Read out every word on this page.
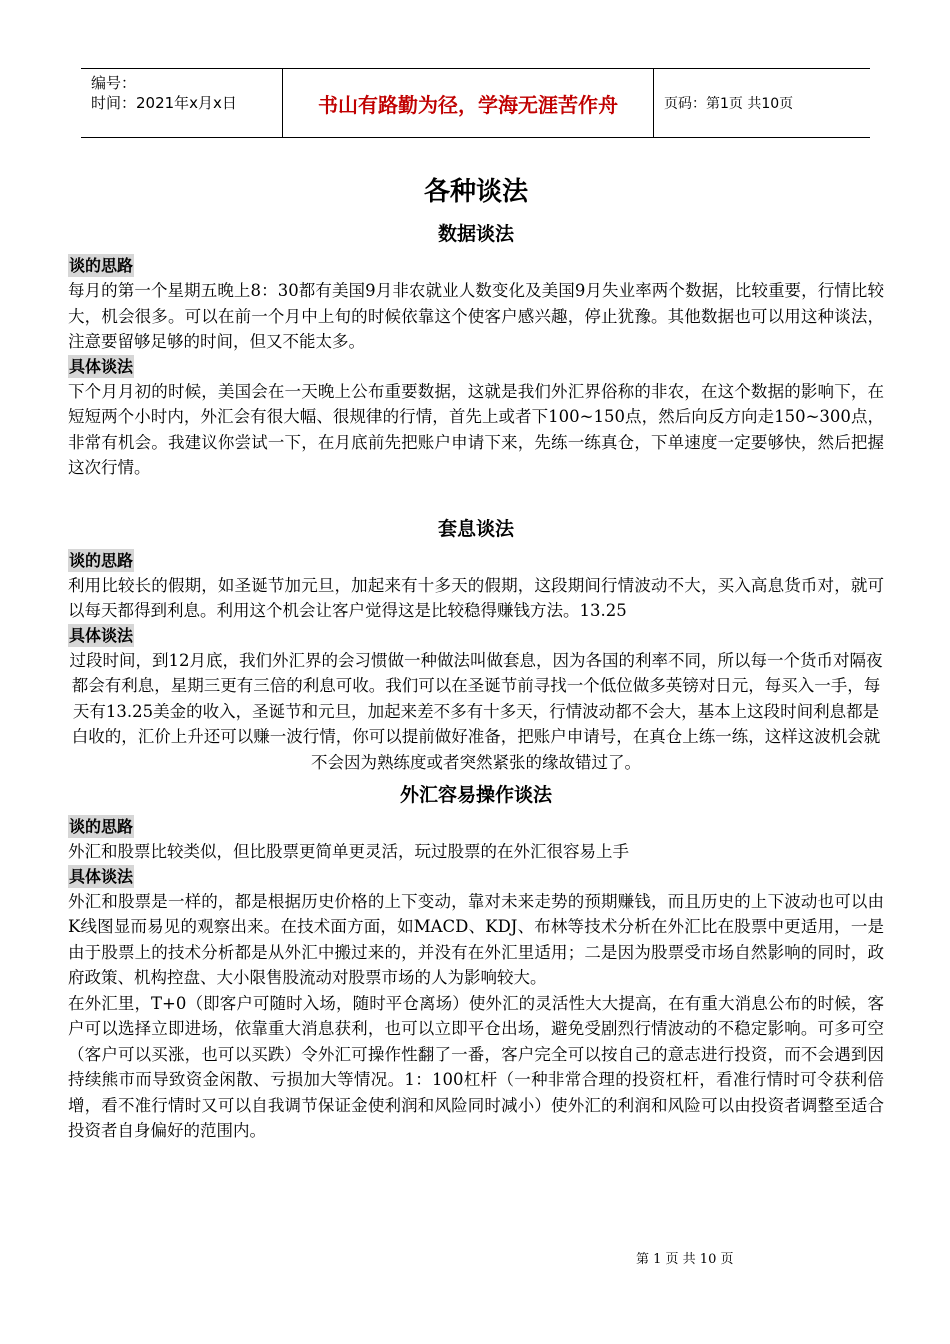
编号：
时间：2021年x月x日	书山有路勤为径，学海无涯苦作舟	页码：第1页 共10页
各种谈法
数据谈法
谈的思路

每月的第一个星期五晚上8：30都有美国9月非农就业人数变化及美国9月失业率两个数据，比较重要，行情比较大，机会很多。可以在前一个月中上旬的时候依靠这个使客户感兴趣，停止犹豫。其他数据也可以用这种谈法，注意要留够足够的时间，但又不能太多。

具体谈法

下个月月初的时候，美国会在一天晚上公布重要数据，这就是我们外汇界俗称的非农，在这个数据的影响下，在短短两个小时内，外汇会有很大幅、很规律的行情，首先上或者下100~150点，然后向反方向走150~300点，非常有机会。我建议你尝试一下，在月底前先把账户申请下来，先练一练真仓，下单速度一定要够快，然后把握这次行情。

套息谈法
谈的思路

利用比较长的假期，如圣诞节加元旦，加起来有十多天的假期，这段期间行情波动不大，买入高息货币对，就可以每天都得到利息。利用这个机会让客户觉得这是比较稳得赚钱方法。13.25

具体谈法

过段时间，到12月底，我们外汇界的会习惯做一种做法叫做套息，因为各国的利率不同，所以每一个货币对隔夜都会有利息，星期三更有三倍的利息可收。我们可以在圣诞节前寻找一个低位做多英镑对日元，每买入一手，每天有13.25美金的收入，圣诞节和元旦，加起来差不多有十多天，行情波动都不会大，基本上这段时间利息都是白收的，汇价上升还可以赚一波行情，你可以提前做好准备，把账户申请号，在真仓上练一练，这样这波机会就不会因为熟练度或者突然紧张的缘故错过了。

外汇容易操作谈法
谈的思路

外汇和股票比较类似，但比股票更简单更灵活，玩过股票的在外汇很容易上手

具体谈法

外汇和股票是一样的，都是根据历史价格的上下变动，靠对未来走势的预期赚钱，而且历史的上下波动也可以由K线图显而易见的观察出来。在技术面方面，如MACD、KDJ、布林等技术分析在外汇比在股票中更适用，一是由于股票上的技术分析都是从外汇中搬过来的，并没有在外汇里适用；二是因为股票受市场自然影响的同时，政府政策、机构控盘、大小限售股流动对股票市场的人为影响较大。

在外汇里，T+0（即客户可随时入场，随时平仓离场）使外汇的灵活性大大提高，在有重大消息公布的时候，客户可以选择立即进场，依靠重大消息获利，也可以立即平仓出场，避免受剧烈行情波动的不稳定影响。可多可空（客户可以买涨，也可以买跌）令外汇可操作性翻了一番，客户完全可以按自己的意志进行投资，而不会遇到因持续熊市而导致资金闲散、亏损加大等情况。1：100杠杆（一种非常合理的投资杠杆，看准行情时可令获利倍增，看不准行情时又可以自我调节保证金使利润和风险同时减小）使外汇的利润和风险可以由投资者调整至适合投资者自身偏好的范围内。

第 1 页 共 10 页
